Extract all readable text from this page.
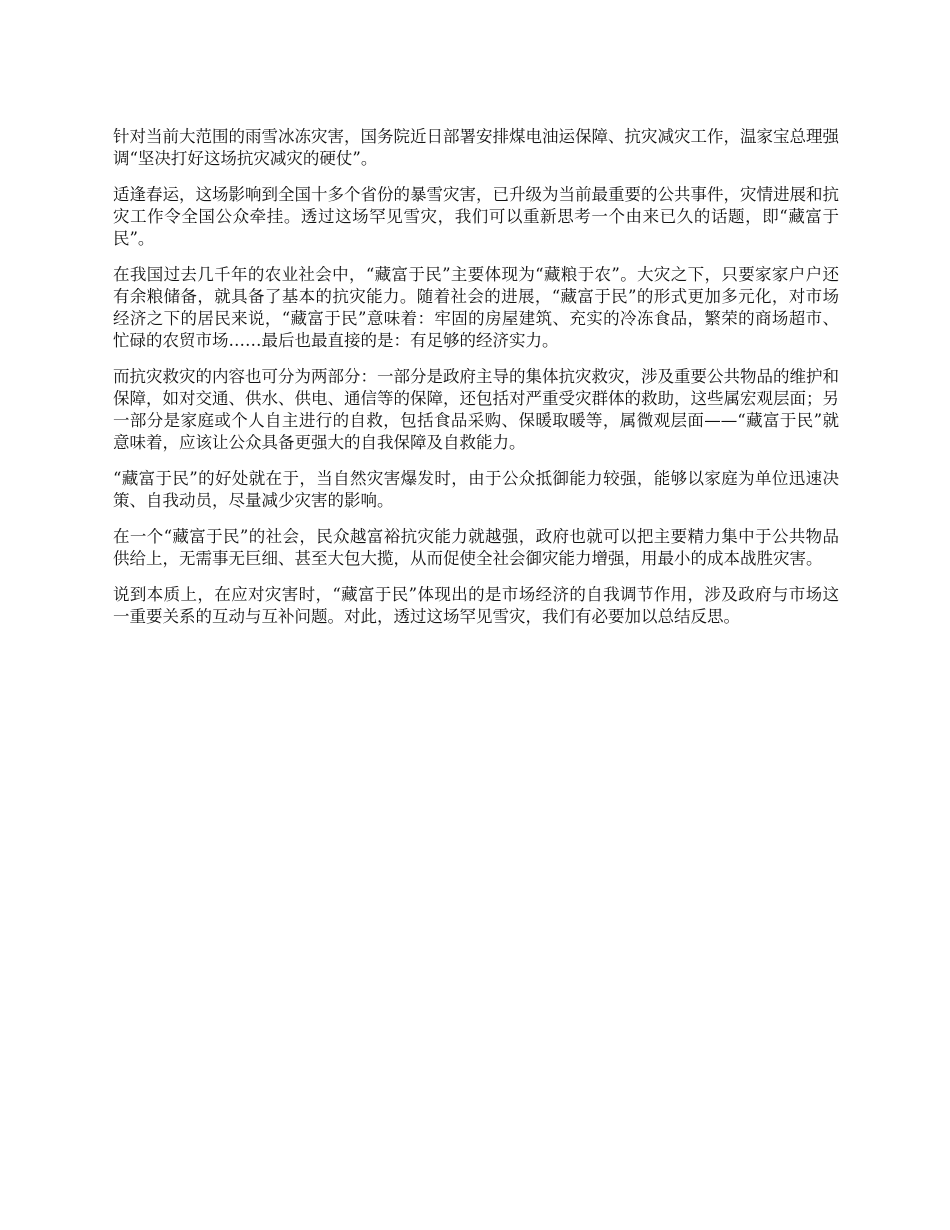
针对当前大范围的雨雪冰冻灾害，国务院近日部署安排煤电油运保障、抗灾减灾工作，温家宝总理强调“坚决打好这场抗灾减灾的硬仗”。

适逢春运，这场影响到全国十多个省份的暴雪灾害，已升级为当前最重要的公共事件，灾情进展和抗灾工作令全国公众牵挂。透过这场罕见雪灾，我们可以重新思考一个由来已久的话题，即“藏富于民”。

在我国过去几千年的农业社会中，“藏富于民”主要体现为“藏粮于农”。大灾之下，只要家家户户还有余粮储备，就具备了基本的抗灾能力。随着社会的进展，“藏富于民”的形式更加多元化，对市场经济之下的居民来说，“藏富于民”意味着：牢固的房屋建筑、充实的冷冻食品，繁荣的商场超市、忙碌的农贸市场……最后也最直接的是：有足够的经济实力。

而抗灾救灾的内容也可分为两部分：一部分是政府主导的集体抗灾救灾，涉及重要公共物品的维护和保障，如对交通、供水、供电、通信等的保障，还包括对严重受灾群体的救助，这些属宏观层面；另一部分是家庭或个人自主进行的自救，包括食品采购、保暖取暖等，属微观层面——“藏富于民”就意味着，应该让公众具备更强大的自我保障及自救能力。

“藏富于民”的好处就在于，当自然灾害爆发时，由于公众抵御能力较强，能够以家庭为单位迅速决策、自我动员，尽量减少灾害的影响。

在一个“藏富于民”的社会，民众越富裕抗灾能力就越强，政府也就可以把主要精力集中于公共物品供给上，无需事无巨细、甚至大包大揽，从而促使全社会御灾能力增强，用最小的成本战胜灾害。

说到本质上，在应对灾害时，“藏富于民”体现出的是市场经济的自我调节作用，涉及政府与市场这一重要关系的互动与互补问题。对此，透过这场罕见雪灾，我们有必要加以总结反思。
